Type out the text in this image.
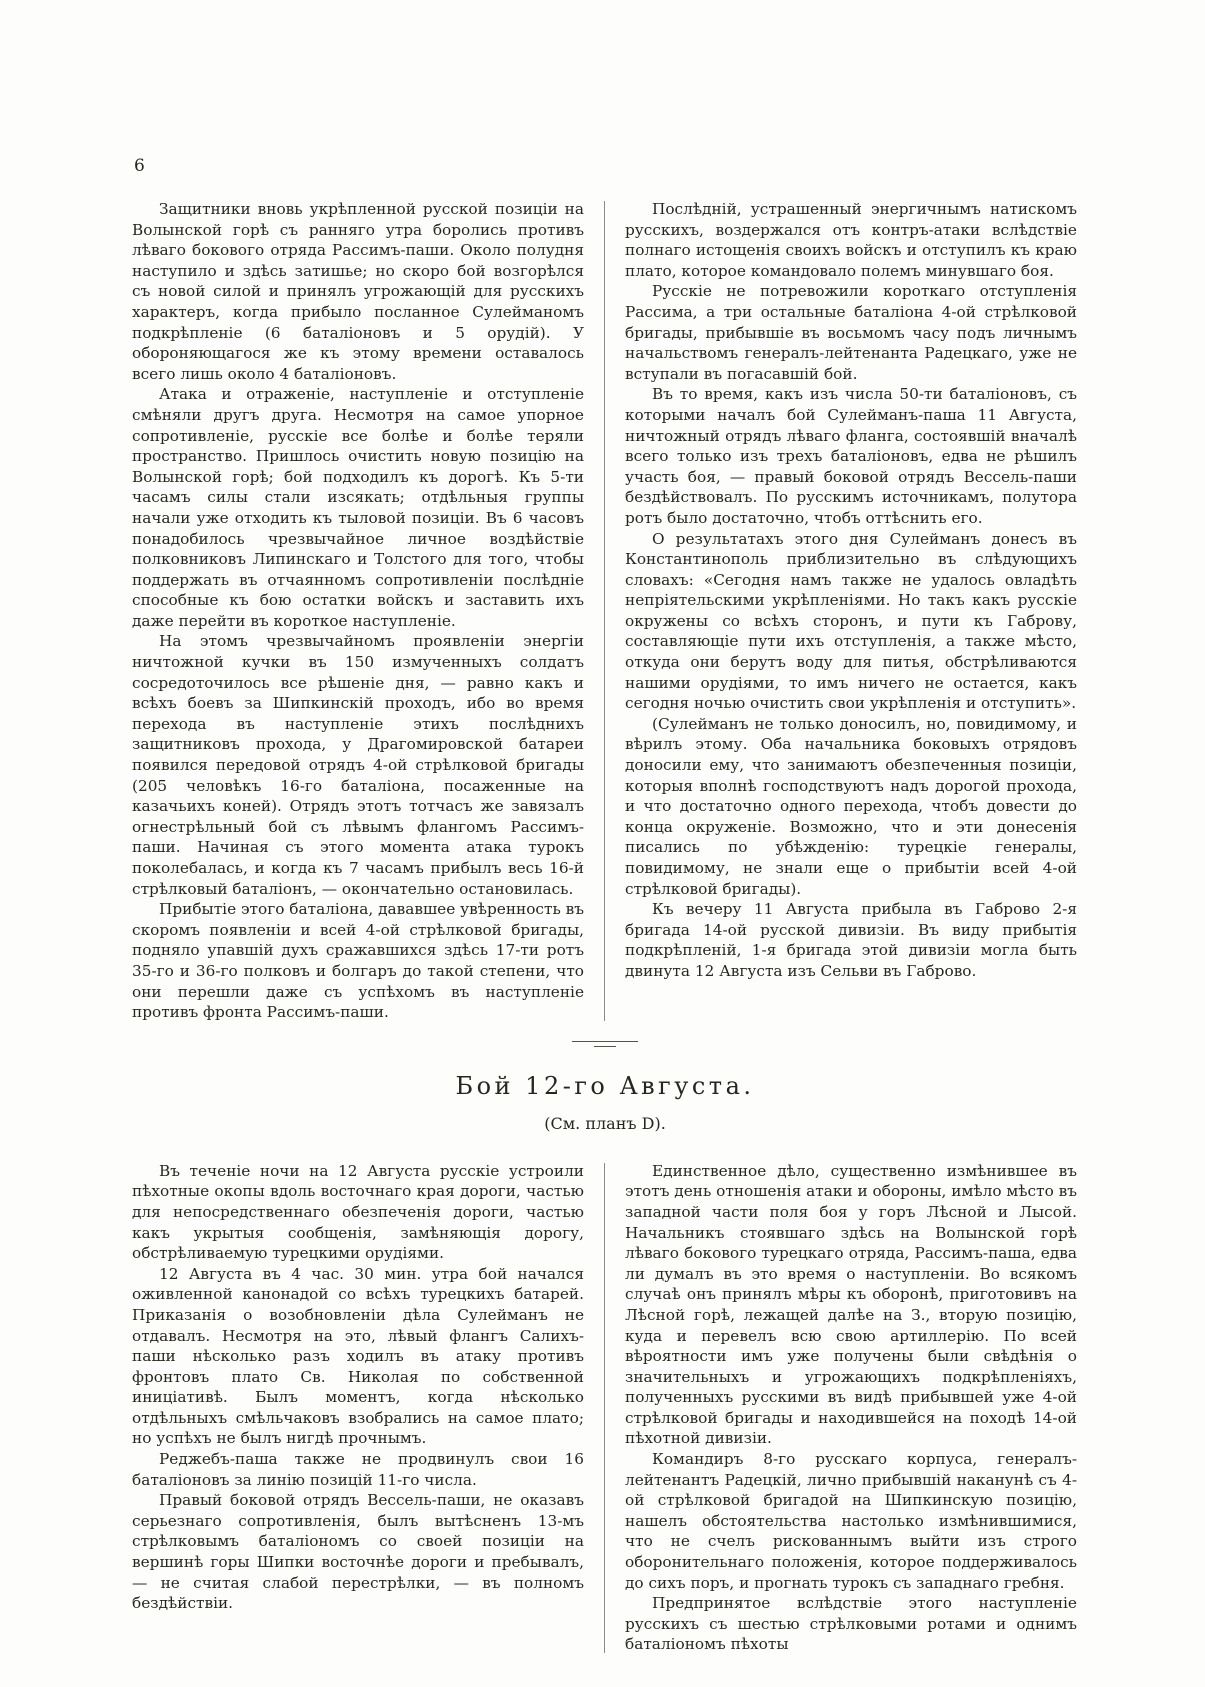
6

Защитники вновь укрѣпленной русской позиціи на Волынской горѣ съ ранняго утра боролись противъ лѣваго бокового отряда Рассимъ-паши. Около полудня наступило и здѣсь затишье; но скоро бой возгорѣлся съ новой силой и принялъ угрожающій для русскихъ характеръ, когда прибыло посланное Сулейманомъ подкрѣпленіе (6 баталіоновъ и 5 орудій). У обороняющагося же къ этому времени оставалось всего лишь около 4 баталіоновъ.

Атака и отраженіе, наступленіе и отступленіе смѣняли другъ друга. Несмотря на самое упорное сопротивленіе, русскіе все болѣе и болѣе теряли пространство. Пришлось очистить новую позицію на Волынской горѣ; бой подходилъ къ дорогѣ. Къ 5-ти часамъ силы стали изсякать; отдѣльныя группы начали уже отходить къ тыловой позиціи. Въ 6 часовъ понадобилось чрезвычайное личное воздѣйствіе полковниковъ Липинскаго и Толстого для того, чтобы поддержать въ отчаянномъ сопротивленіи послѣдніе способные къ бою остатки войскъ и заставить ихъ даже перейти въ короткое наступленіе.

На этомъ чрезвычайномъ проявленіи энергіи ничтожной кучки въ 150 измученныхъ солдатъ сосредоточилось все рѣшеніе дня, — равно какъ и всѣхъ боевъ за Шипкинскій проходъ, ибо во время перехода въ наступленіе этихъ послѣднихъ защитниковъ прохода, у Драгомировской батареи появился передовой отрядъ 4-ой стрѣлковой бригады (205 человѣкъ 16-го баталіона, посаженные на казачьихъ коней). Отрядъ этотъ тотчасъ же завязалъ огнестрѣльный бой съ лѣвымъ флангомъ Рассимъ-паши. Начиная съ этого момента атака турокъ поколебалась, и когда къ 7 часамъ прибылъ весь 16-й стрѣлковый баталіонъ, — окончательно остановилась.

Прибытіе этого баталіона, дававшее увѣренность въ скоромъ появленіи и всей 4-ой стрѣлковой бригады, подняло упавшій духъ сражавшихся здѣсь 17-ти ротъ 35-го и 36-го полковъ и болгаръ до такой степени, что они перешли даже съ успѣхомъ въ наступленіе противъ фронта Рассимъ-паши.

Послѣдній, устрашенный энергичнымъ натискомъ русскихъ, воздержался отъ контръ-атаки вслѣдствіе полнаго истощенія своихъ войскъ и отступилъ къ краю плато, которое командовало полемъ минувшаго боя.

Русскіе не потревожили короткаго отступленія Рассима, а три остальные баталіона 4-ой стрѣлковой бригады, прибывшіе въ восьмомъ часу подъ личнымъ начальствомъ генералъ-лейтенанта Радецкаго, уже не вступали въ погасавшій бой.

Въ то время, какъ изъ числа 50-ти баталіоновъ, съ которыми началъ бой Сулейманъ-паша 11 Августа, ничтожный отрядъ лѣваго фланга, состоявшій вначалѣ всего только изъ трехъ баталіоновъ, едва не рѣшилъ участь боя, — правый боковой отрядъ Вессель-паши бездѣйствовалъ. По русскимъ источникамъ, полутора ротъ было достаточно, чтобъ оттѣснить его.

О результатахъ этого дня Сулейманъ донесъ въ Константинополь приблизительно въ слѣдующихъ словахъ: «Сегодня намъ также не удалось овладѣть непріятельскими укрѣпленіями. Но такъ какъ русскіе окружены со всѣхъ сторонъ, и пути къ Габрову, составляющіе пути ихъ отступленія, а также мѣсто, откуда они берутъ воду для питья, обстрѣливаются нашими орудіями, то имъ ничего не остается, какъ сегодня ночью очистить свои укрѣпленія и отступить».

(Сулейманъ не только доносилъ, но, повидимому, и вѣрилъ этому. Оба начальника боковыхъ отрядовъ доносили ему, что занимаютъ обезпеченныя позиціи, которыя вполнѣ господствуютъ надъ дорогой прохода, и что достаточно одного перехода, чтобъ довести до конца окруженіе. Возможно, что и эти донесенія писались по убѣжденію: турецкіе генералы, повидимому, не знали еще о прибытіи всей 4-ой стрѣлковой бригады).

Къ вечеру 11 Августа прибыла въ Габрово 2-я бригада 14-ой русской дивизіи. Въ виду прибытія подкрѣпленій, 1-я бригада этой дивизіи могла быть двинута 12 Августа изъ Сельви въ Габрово.

Бой 12-го Августа.
(См. планъ D).

Въ теченіе ночи на 12 Августа русскіе устроили пѣхотные окопы вдоль восточнаго края дороги, частью для непосредственнаго обезпеченія дороги, частью какъ укрытыя сообщенія, замѣняющія дорогу, обстрѣливаемую турецкими орудіями.

12 Августа въ 4 час. 30 мин. утра бой начался оживленной канонадой со всѣхъ турецкихъ батарей. Приказанія о возобновленіи дѣла Сулейманъ не отдавалъ. Несмотря на это, лѣвый флангъ Салихъ-паши нѣсколько разъ ходилъ въ атаку противъ фронтовъ плато Св. Николая по собственной иниціативѣ. Былъ моментъ, когда нѣсколько отдѣльныхъ смѣльчаковъ взобрались на самое плато; но успѣхъ не былъ нигдѣ прочнымъ.

Реджебъ-паша также не продвинулъ свои 16 баталіоновъ за линію позицій 11-го числа.

Правый боковой отрядъ Вессель-паши, не оказавъ серьезнаго сопротивленія, былъ вытѣсненъ 13-мъ стрѣлковымъ баталіономъ со своей позиціи на вершинѣ горы Шипки восточнѣе дороги и пребывалъ, — не считая слабой перестрѣлки, — въ полномъ бездѣйствіи.

Единственное дѣло, существенно измѣнившее въ этотъ день отношенія атаки и обороны, имѣло мѣсто въ западной части поля боя у горъ Лѣсной и Лысой. Начальникъ стоявшаго здѣсь на Волынской горѣ лѣваго бокового турецкаго отряда, Рассимъ-паша, едва ли думалъ въ это время о наступленіи. Во всякомъ случаѣ онъ принялъ мѣры къ оборонѣ, приготовивъ на Лѣсной горѣ, лежащей далѣе на З., вторую позицію, куда и перевелъ всю свою артиллерію. По всей вѣроятности имъ уже получены были свѣдѣнія о значительныхъ и угрожающихъ подкрѣпленіяхъ, полученныхъ русскими въ видѣ прибывшей уже 4-ой стрѣлковой бригады и находившейся на походѣ 14-ой пѣхотной дивизіи.

Командиръ 8-го русскаго корпуса, генералъ-лейтенантъ Радецкій, лично прибывшій наканунѣ съ 4-ой стрѣлковой бригадой на Шипкинскую позицію, нашелъ обстоятельства настолько измѣнившимися, что не счелъ рискованнымъ выйти изъ строго оборонительнаго положенія, которое поддерживалось до сихъ поръ, и прогнать турокъ съ западнаго гребня.

Предпринятое вслѣдствіе этого наступленіе русскихъ съ шестью стрѣлковыми ротами и однимъ баталіономъ пѣхоты
